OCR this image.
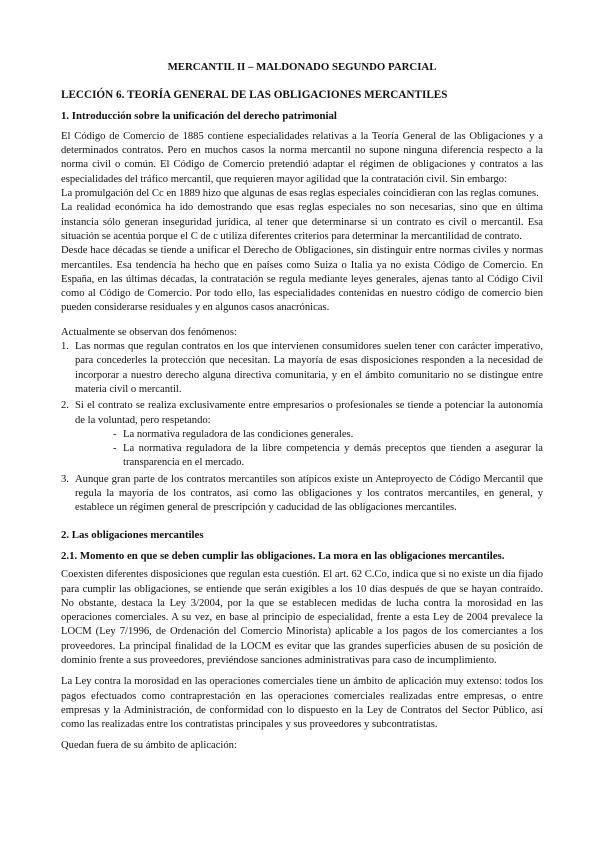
MERCANTIL II – MALDONADO SEGUNDO PARCIAL
LECCIÓN 6. TEORÍA GENERAL DE LAS OBLIGACIONES MERCANTILES
1. Introducción sobre la unificación del derecho patrimonial

El Código de Comercio de 1885 contiene especialidades relativas a la Teoría General de las Obligaciones y a determinados contratos. Pero en muchos casos la norma mercantil no supone ninguna diferencia respecto a la norma civil o común. El Código de Comercio pretendió adaptar el régimen de obligaciones y contratos a las especialidades del tráfico mercantil, que requieren mayor agilidad que la contratación civil. Sin embargo:

La promulgación del Cc en 1889 hizo que algunas de esas reglas especiales coincidieran con las reglas comunes.

La realidad económica ha ido demostrando que esas reglas especiales no son necesarias, sino que en última instancia sólo generan inseguridad jurídica, al tener que determinarse si un contrato es civil o mercantil. Esa situación se acentúa porque el C de c utiliza diferentes criterios para determinar la mercantilidad de contrato.

Desde hace décadas se tiende a unificar el Derecho de Obligaciones, sin distinguir entre normas civiles y normas mercantiles. Esa tendencia ha hecho que en países como Suiza o Italia ya no exista Código de Comercio. En España, en las últimas décadas, la contratación se regula mediante leyes generales, ajenas tanto al Código Civil como al Código de Comercio. Por todo ello, las especialidades contenidas en nuestro código de comercio bien pueden considerarse residuales y en algunos casos anacrónicas.

Actualmente se observan dos fenómenos:

1. Las normas que regulan contratos en los que intervienen consumidores suelen tener con carácter imperativo, para concederles la protección que necesitan. La mayoría de esas disposiciones responden a la necesidad de incorporar a nuestro derecho alguna directiva comunitaria, y en el ámbito comunitario no se distingue entre materia civil o mercantil.
2. Si el contrato se realiza exclusivamente entre empresarios o profesionales se tiende a potenciar la autonomía de la voluntad, pero respetando:
- La normativa reguladora de las condiciones generales.
- La normativa reguladora de la libre competencia y demás preceptos que tienden a asegurar la transparencia en el mercado.
3. Aunque gran parte de los contratos mercantiles son atípicos existe un Anteproyecto de Código Mercantil que regula la mayoría de los contratos, así como las obligaciones y los contratos mercantiles, en general, y establece un régimen general de prescripción y caducidad de las obligaciones mercantiles.
2. Las obligaciones mercantiles
2.1. Momento en que se deben cumplir las obligaciones. La mora en las obligaciones mercantiles.

Coexisten diferentes disposiciones que regulan esta cuestión. El art. 62 C.Co, indica que si no existe un día fijado para cumplir las obligaciones, se entiende que serán exigibles a los 10 días después de que se hayan contraído. No obstante, destaca la Ley 3/2004, por la que se establecen medidas de lucha contra la morosidad en las operaciones comerciales. A su vez, en base al principio de especialidad, frente a esta Ley de 2004 prevalece la LOCM (Ley 7/1996, de Ordenación del Comercio Minorista) aplicable a los pagos de los comerciantes a los proveedores. La principal finalidad de la LOCM es evitar que las grandes superficies abusen de su posición de dominio frente a sus proveedores, previéndose sanciones administrativas para caso de incumplimiento.

La Ley contra la morosidad en las operaciones comerciales tiene un ámbito de aplicación muy extenso: todos los pagos efectuados como contraprestación en las operaciones comerciales realizadas entre empresas, o entre empresas y la Administración, de conformidad con lo dispuesto en la Ley de Contratos del Sector Público, así como las realizadas entre los contratistas principales y sus proveedores y subcontratistas.

Quedan fuera de su ámbito de aplicación:
